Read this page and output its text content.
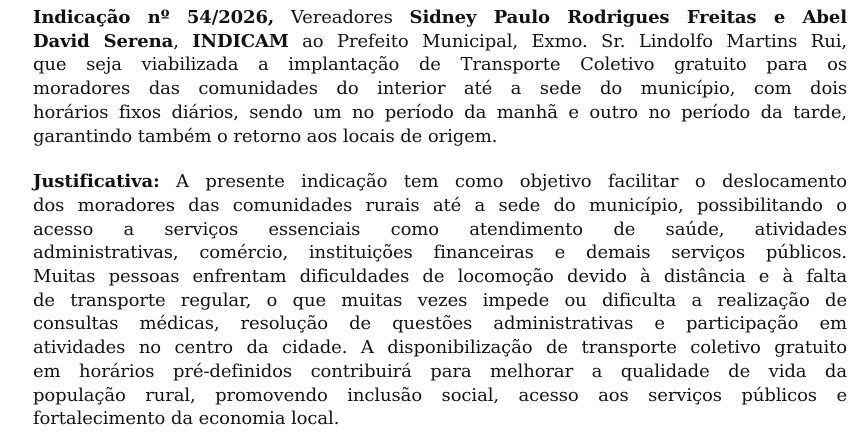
Indicação nº 54/2026, Vereadores Sidney Paulo Rodrigues Freitas e Abel
David Serena, INDICAM ao Prefeito Municipal, Exmo. Sr. Lindolfo Martins Rui,
que seja viabilizada a implantação de Transporte Coletivo gratuito para os
moradores das comunidades do interior até a sede do município, com dois
horários fixos diários, sendo um no período da manhã e outro no período da tarde,
garantindo também o retorno aos locais de origem.
Justificativa: A presente indicação tem como objetivo facilitar o deslocamento
dos moradores das comunidades rurais até a sede do município, possibilitando o
acesso a serviços essenciais como atendimento de saúde, atividades
administrativas, comércio, instituições financeiras e demais serviços públicos.
Muitas pessoas enfrentam dificuldades de locomoção devido à distância e à falta
de transporte regular, o que muitas vezes impede ou dificulta a realização de
consultas médicas, resolução de questões administrativas e participação em
atividades no centro da cidade. A disponibilização de transporte coletivo gratuito
em horários pré-definidos contribuirá para melhorar a qualidade de vida da
população rural, promovendo inclusão social, acesso aos serviços públicos e
fortalecimento da economia local.
